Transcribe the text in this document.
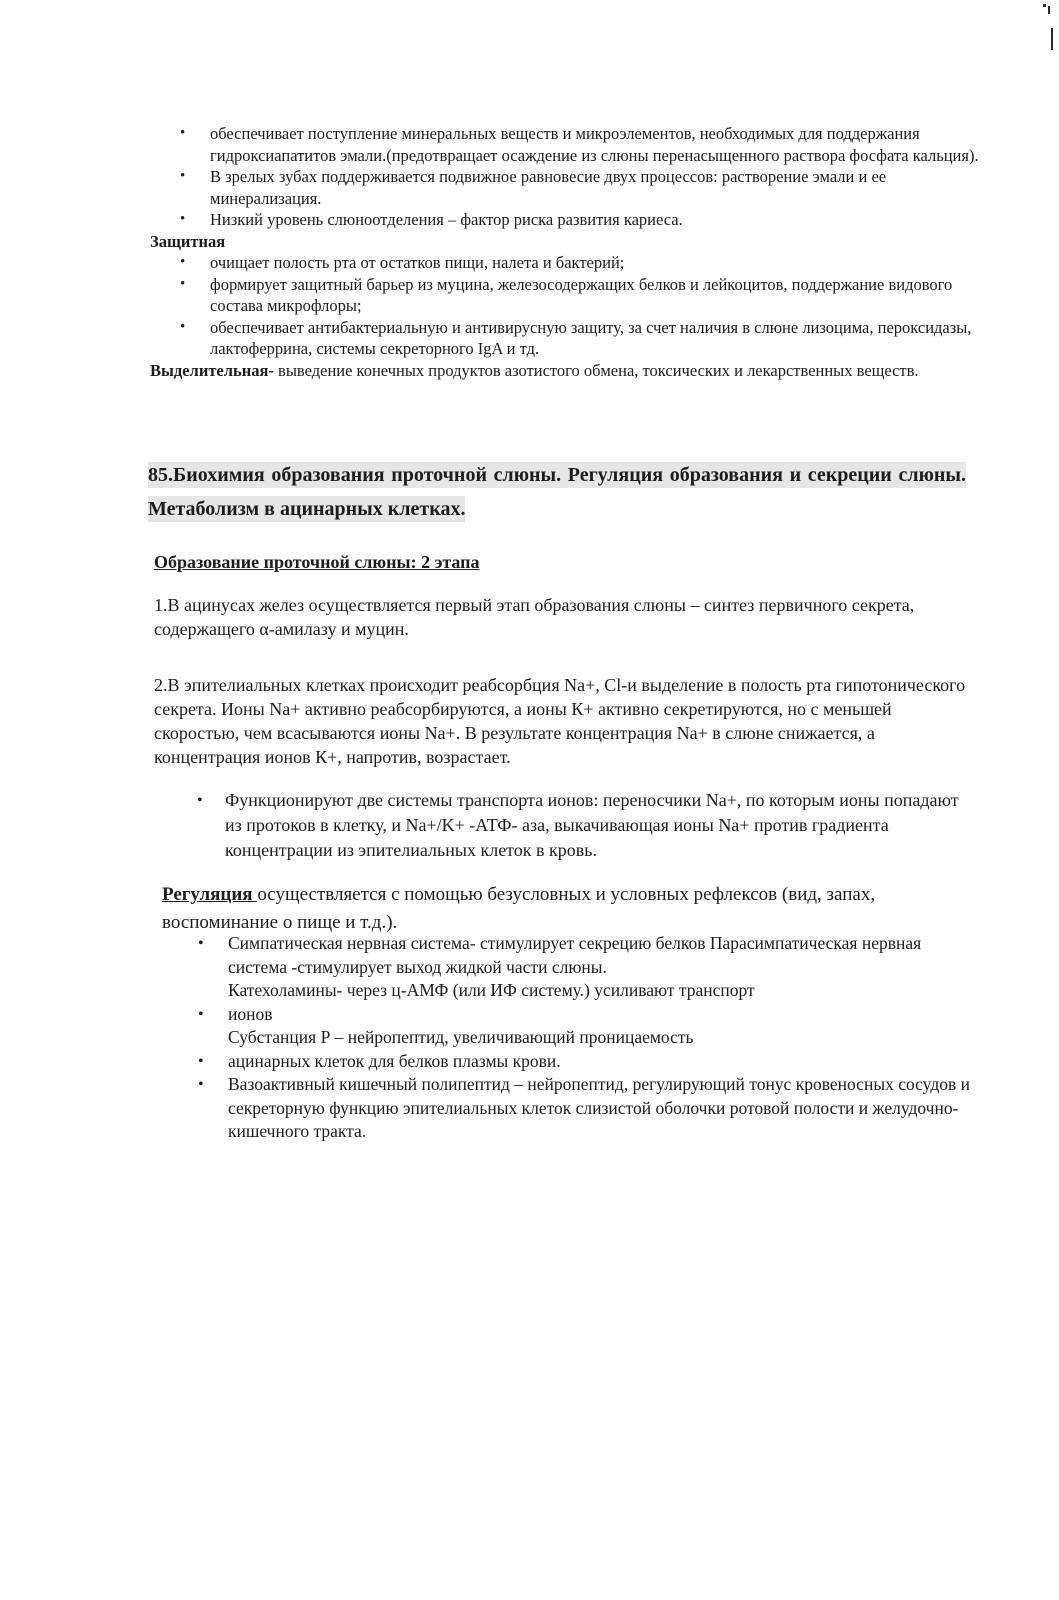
• обеспечивает поступление минеральных веществ и микроэлементов, необходимых для поддержания гидроксиапатитов эмали.(предотвращает осаждение из слюны перенасыщенного раствора фосфата кальция).
• В зрелых зубах поддерживается подвижное равновесие двух процессов: растворение эмали и ее минерализация.
• Низкий уровень слюноотделения – фактор риска развития кариеса.

Защитная

• очищает полость рта от остатков пищи, налета и бактерий;
• формирует защитный барьер из муцина, железосодержащих белков и лейкоцитов, поддержание видового состава микрофлоры;
• обеспечивает антибактериальную и антивирусную защиту, за счет наличия в слюне лизоцима, пероксидазы, лактоферрина, системы секреторного IgA и тд.

Выделительная- выведение конечных продуктов азотистого обмена, токсических и лекарственных веществ.

85.Биохимия образования проточной слюны. Регуляция образования и секреции слюны. Метаболизм в ацинарных клетках.
Образование проточной слюны: 2 этапа
1.В ацинусах желез осуществляется первый этап образования слюны – синтез первичного секрета, содержащего α-амилазу и муцин.
2.В эпителиальных клетках происходит реабсорбция Na+, Cl-и выделение в полость рта гипотонического секрета. Ионы Na+ активно реабсорбируются, а ионы К+ активно секретируются, но с меньшей скоростью, чем всасываются ионы Na+. В результате концентрация Na+ в слюне снижается, а концентрация ионов К+, напротив, возрастает.
• Функционируют две системы транспорта ионов: переносчики Na+, по которым ионы попадают из протоков в клетку, и Na+/K+ -АТФ- аза, выкачивающая ионы Na+ против градиента концентрации из эпителиальных клеток в кровь.
Регуляция осуществляется с помощью безусловных и условных рефлексов (вид, запах, воспоминание о пище и т.д.).
• Симпатическая нервная система- стимулирует секрецию белков Парасимпатическая нервная система -стимулирует выход жидкой части слюны.
Катехоламины- через ц-АМФ (или ИФ систему.) усиливают транспорт
• ионов
Субстанция Р – нейропептид, увеличивающий проницаемость
• ацинарных клеток для белков плазмы крови.
• Вазоактивный кишечный полипептид – нейропептид, регулирующий тонус кровеносных сосудов и секреторную функцию эпителиальных клеток слизистой оболочки ротовой полости и желудочно- кишечного тракта.
